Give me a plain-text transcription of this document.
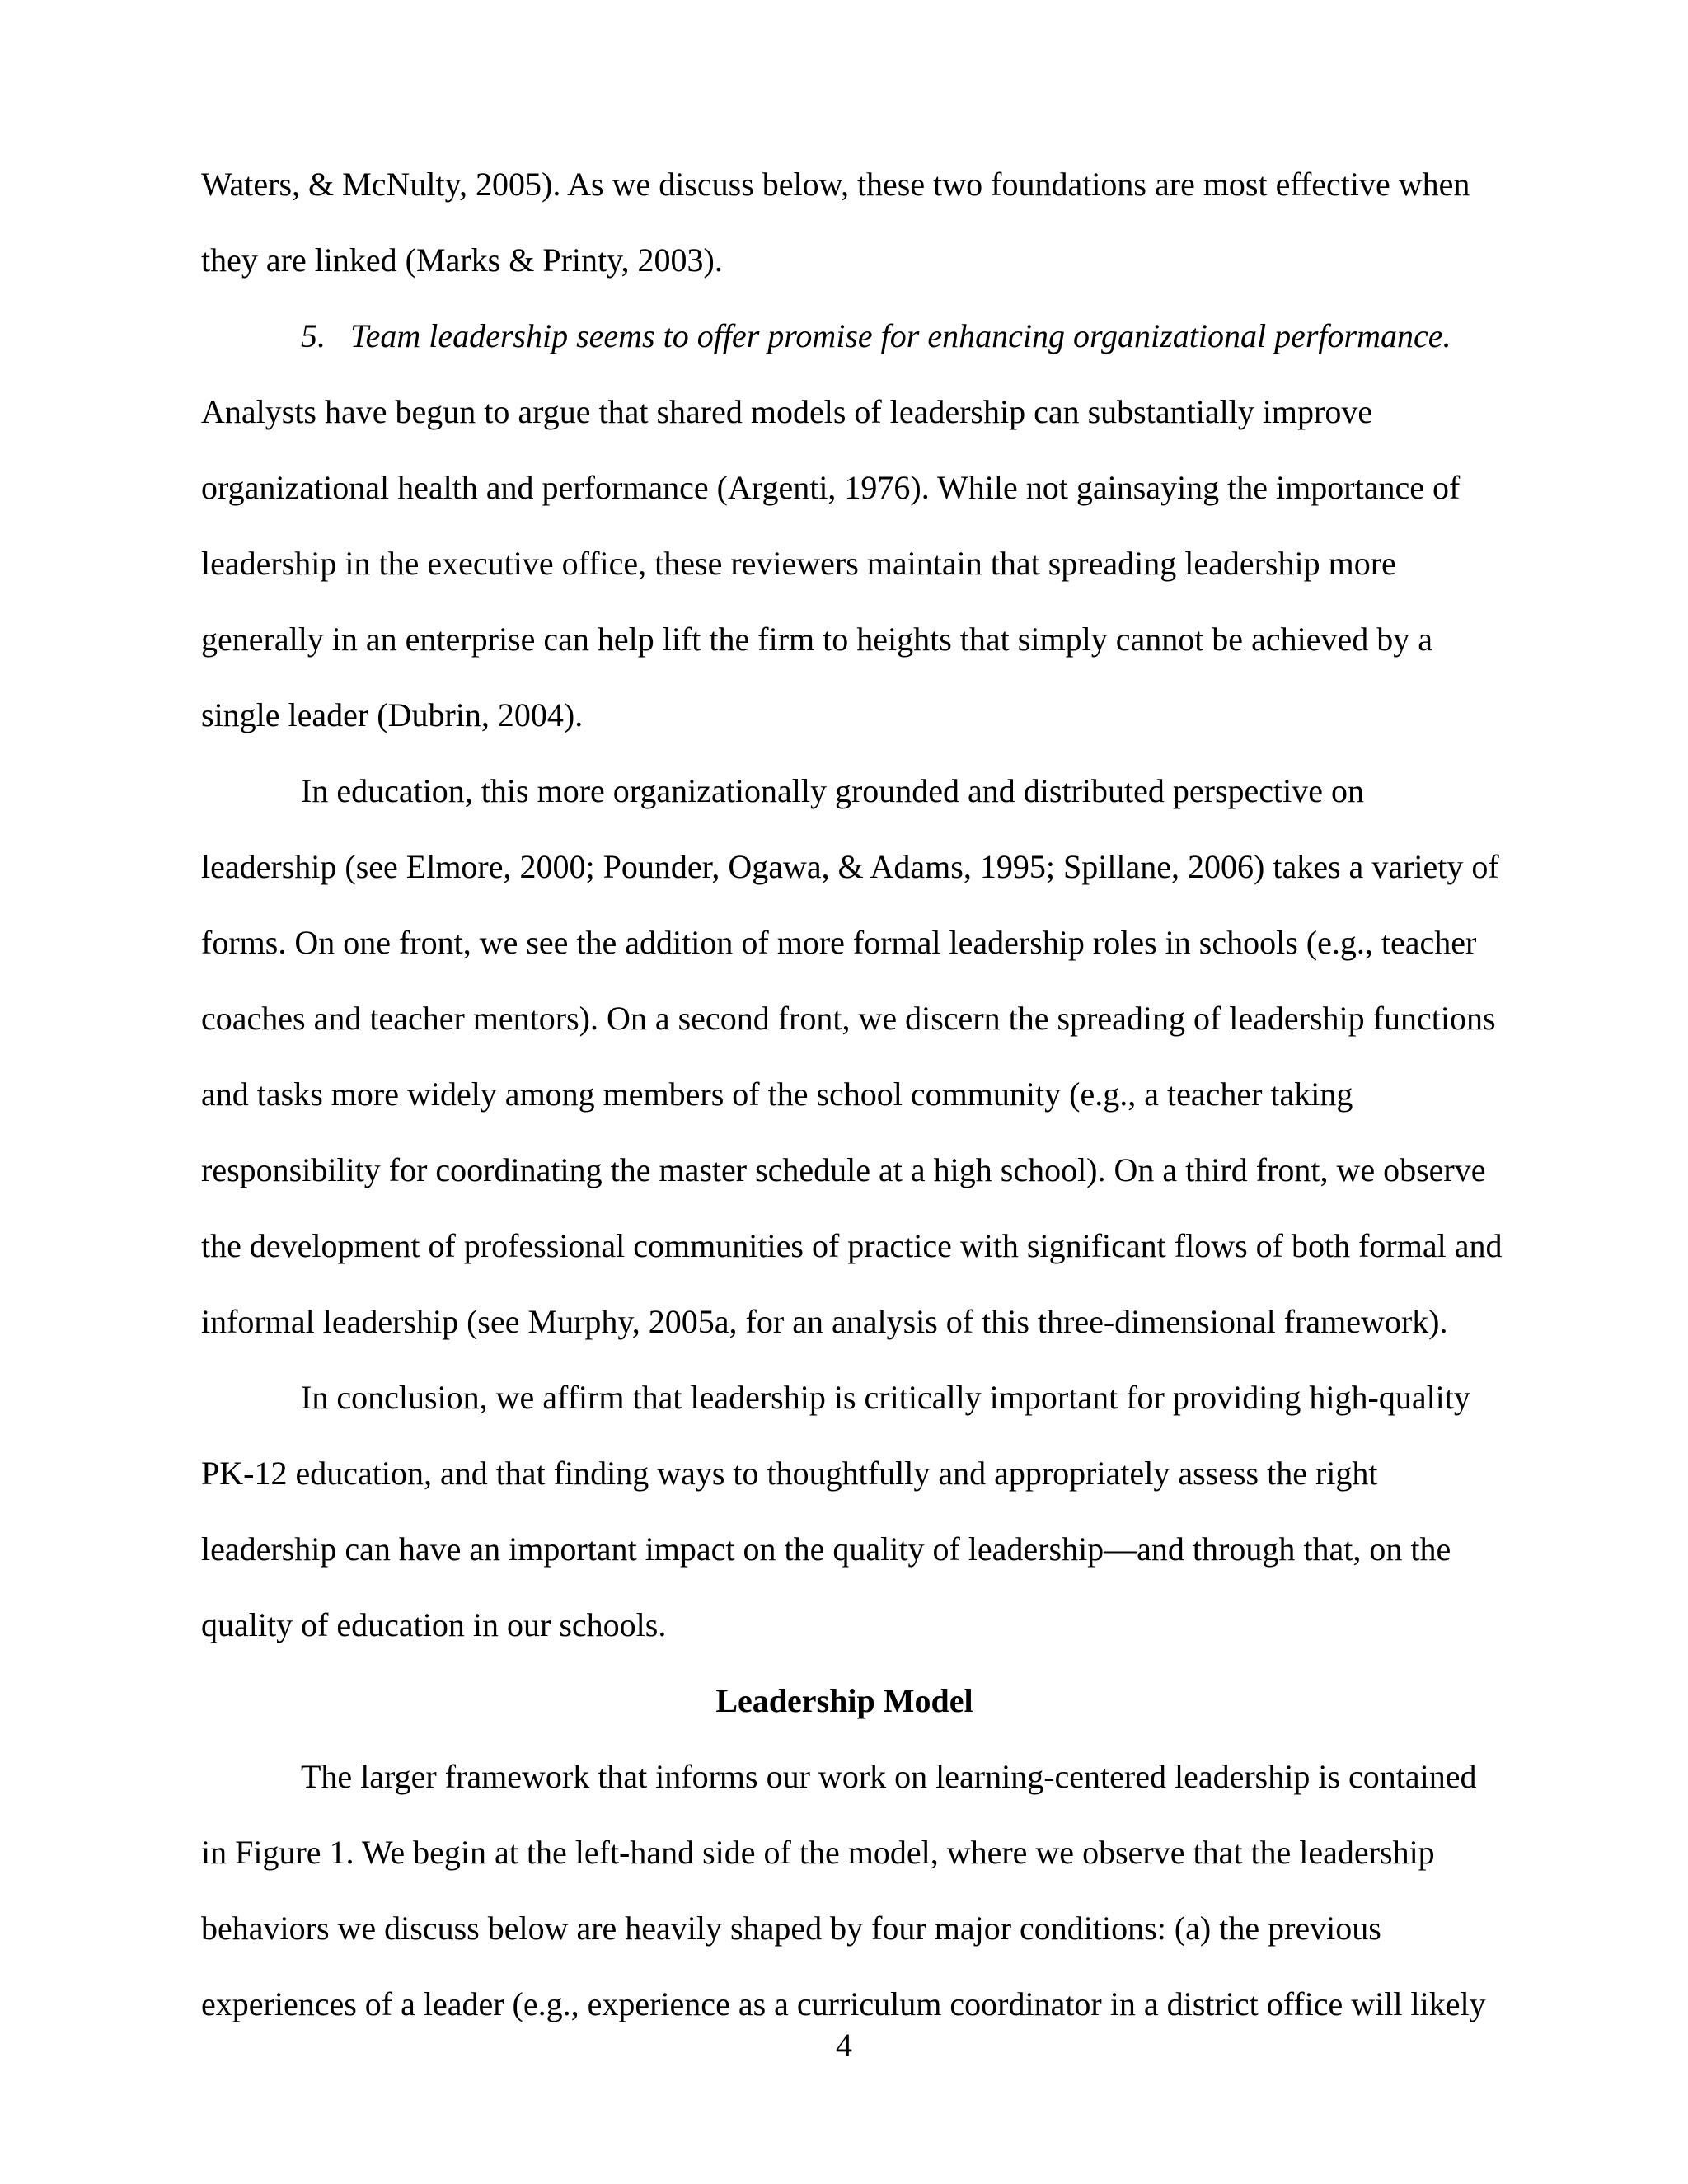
Waters, & McNulty, 2005). As we discuss below, these two foundations are most effective when
they are linked (Marks & Printy, 2003).
5.   Team leadership seems to offer promise for enhancing organizational performance.
Analysts have begun to argue that shared models of leadership can substantially improve
organizational health and performance (Argenti, 1976). While not gainsaying the importance of
leadership in the executive office, these reviewers maintain that spreading leadership more
generally in an enterprise can help lift the firm to heights that simply cannot be achieved by a
single leader (Dubrin, 2004).
In education, this more organizationally grounded and distributed perspective on
leadership (see Elmore, 2000; Pounder, Ogawa, & Adams, 1995; Spillane, 2006) takes a variety of
forms. On one front, we see the addition of more formal leadership roles in schools (e.g., teacher
coaches and teacher mentors). On a second front, we discern the spreading of leadership functions
and tasks more widely among members of the school community (e.g., a teacher taking
responsibility for coordinating the master schedule at a high school). On a third front, we observe
the development of professional communities of practice with significant flows of both formal and
informal leadership (see Murphy, 2005a, for an analysis of this three-dimensional framework).
In conclusion, we affirm that leadership is critically important for providing high-quality
PK-12 education, and that finding ways to thoughtfully and appropriately assess the right
leadership can have an important impact on the quality of leadership—and through that, on the
quality of education in our schools.
Leadership Model
The larger framework that informs our work on learning-centered leadership is contained
in Figure 1. We begin at the left-hand side of the model, where we observe that the leadership
behaviors we discuss below are heavily shaped by four major conditions: (a) the previous
experiences of a leader (e.g., experience as a curriculum coordinator in a district office will likely
4
